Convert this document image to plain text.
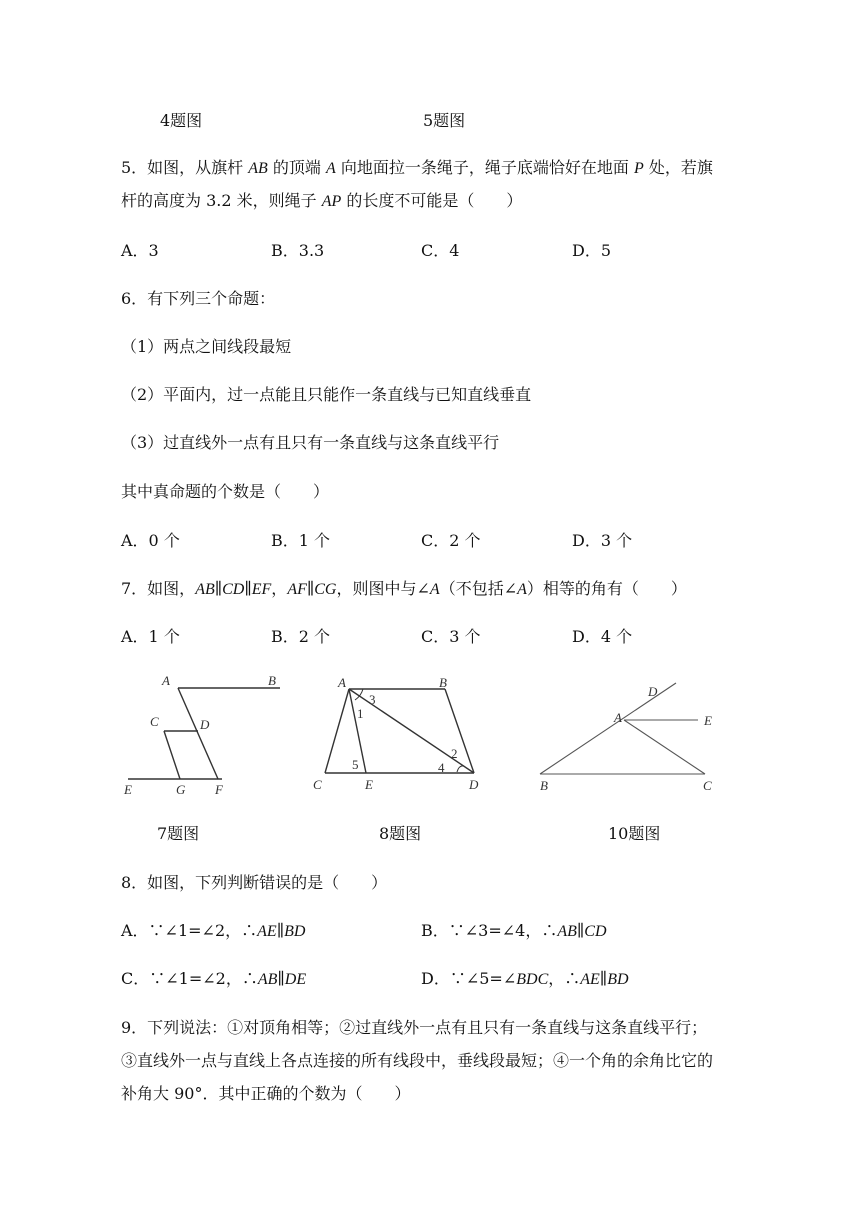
4题图	5题图
5．如图，从旗杆 AB 的顶端 A 向地面拉一条绳子，绳子底端恰好在地面 P 处，若旗
杆的高度为 3.2 米，则绳子 AP 的长度不可能是（　　）
A．3	B．3.3	C．4	D．5
6．有下列三个命题：
（1）两点之间线段最短
（2）平面内，过一点能且只能作一条直线与已知直线垂直
（3）过直线外一点有且只有一条直线与这条直线平行
其中真命题的个数是（　　）
A．0 个	B．1 个	C．2 个	D．3 个
7．如图，AB∥CD∥EF，AF∥CG，则图中与∠A（不包括∠A）相等的角有（　　）
A．1 个	B．2 个	C．3 个	D．4 个
A	B
C	D
E	G F
A	B
C	E	D
3
1
2
4
5
D
A	E
B	C
7题图	8题图	10题图
8．如图，下列判断错误的是（　　）
A．∵∠1=∠2，∴AE∥BD	B．∵∠3=∠4，∴AB∥CD
C．∵∠1=∠2，∴AB∥DE	D．∵∠5=∠BDC，∴AE∥BD
9．下列说法：①对顶角相等；②过直线外一点有且只有一条直线与这条直线平行；
③直线外一点与直线上各点连接的所有线段中，垂线段最短；④一个角的余角比它的
补角大 90°．其中正确的个数为（　　）
